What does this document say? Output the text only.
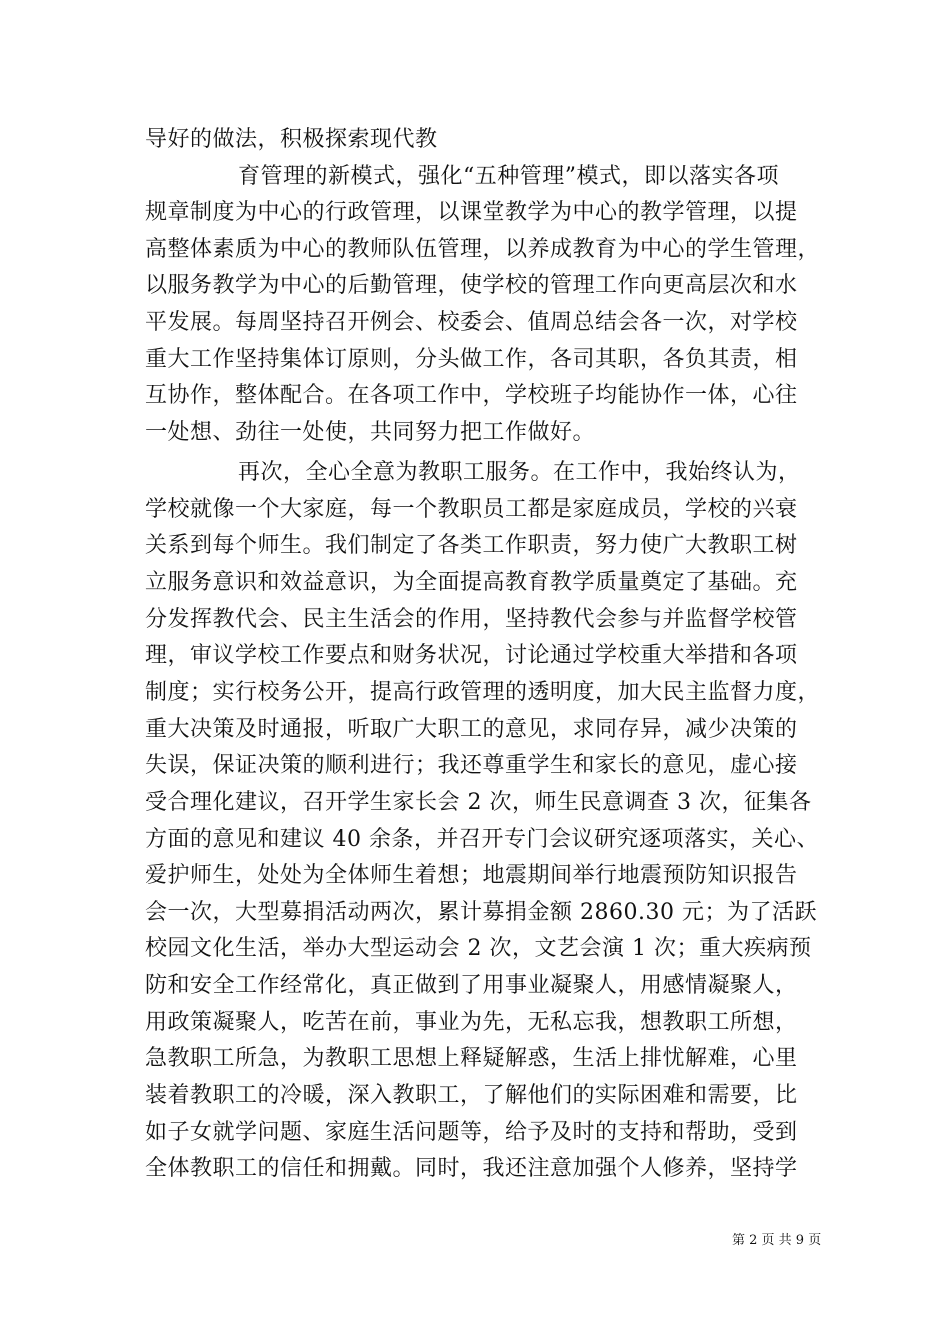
导好的做法，积极探索现代教
育管理的新模式，强化“五种管理”模式，即以落实各项
规章制度为中心的行政管理，以课堂教学为中心的教学管理，以提
高整体素质为中心的教师队伍管理，以养成教育为中心的学生管理，
以服务教学为中心的后勤管理，使学校的管理工作向更高层次和水
平发展。每周坚持召开例会、校委会、值周总结会各一次，对学校
重大工作坚持集体订原则，分头做工作，各司其职，各负其责，相
互协作，整体配合。在各项工作中，学校班子均能协作一体，心往
一处想、劲往一处使，共同努力把工作做好。
再次，全心全意为教职工服务。在工作中，我始终认为，
学校就像一个大家庭，每一个教职员工都是家庭成员，学校的兴衰
关系到每个师生。我们制定了各类工作职责，努力使广大教职工树
立服务意识和效益意识，为全面提高教育教学质量奠定了基础。充
分发挥教代会、民主生活会的作用，坚持教代会参与并监督学校管
理，审议学校工作要点和财务状况，讨论通过学校重大举措和各项
制度；实行校务公开，提高行政管理的透明度，加大民主监督力度，
重大决策及时通报，听取广大职工的意见，求同存异，减少决策的
失误，保证决策的顺利进行；我还尊重学生和家长的意见，虚心接
受合理化建议，召开学生家长会 2 次，师生民意调查 3 次，征集各
方面的意见和建议 40 余条，并召开专门会议研究逐项落实，关心、
爱护师生，处处为全体师生着想；地震期间举行地震预防知识报告
会一次，大型募捐活动两次，累计募捐金额 2860.30 元；为了活跃
校园文化生活，举办大型运动会 2 次，文艺会演 1 次；重大疾病预
防和安全工作经常化，真正做到了用事业凝聚人，用感情凝聚人，
用政策凝聚人，吃苦在前，事业为先，无私忘我，想教职工所想，
急教职工所急，为教职工思想上释疑解惑，生活上排忧解难，心里
装着教职工的冷暖，深入教职工，了解他们的实际困难和需要，比
如子女就学问题、家庭生活问题等，给予及时的支持和帮助，受到
全体教职工的信任和拥戴。同时，我还注意加强个人修养，坚持学
第 2 页 共 9 页
